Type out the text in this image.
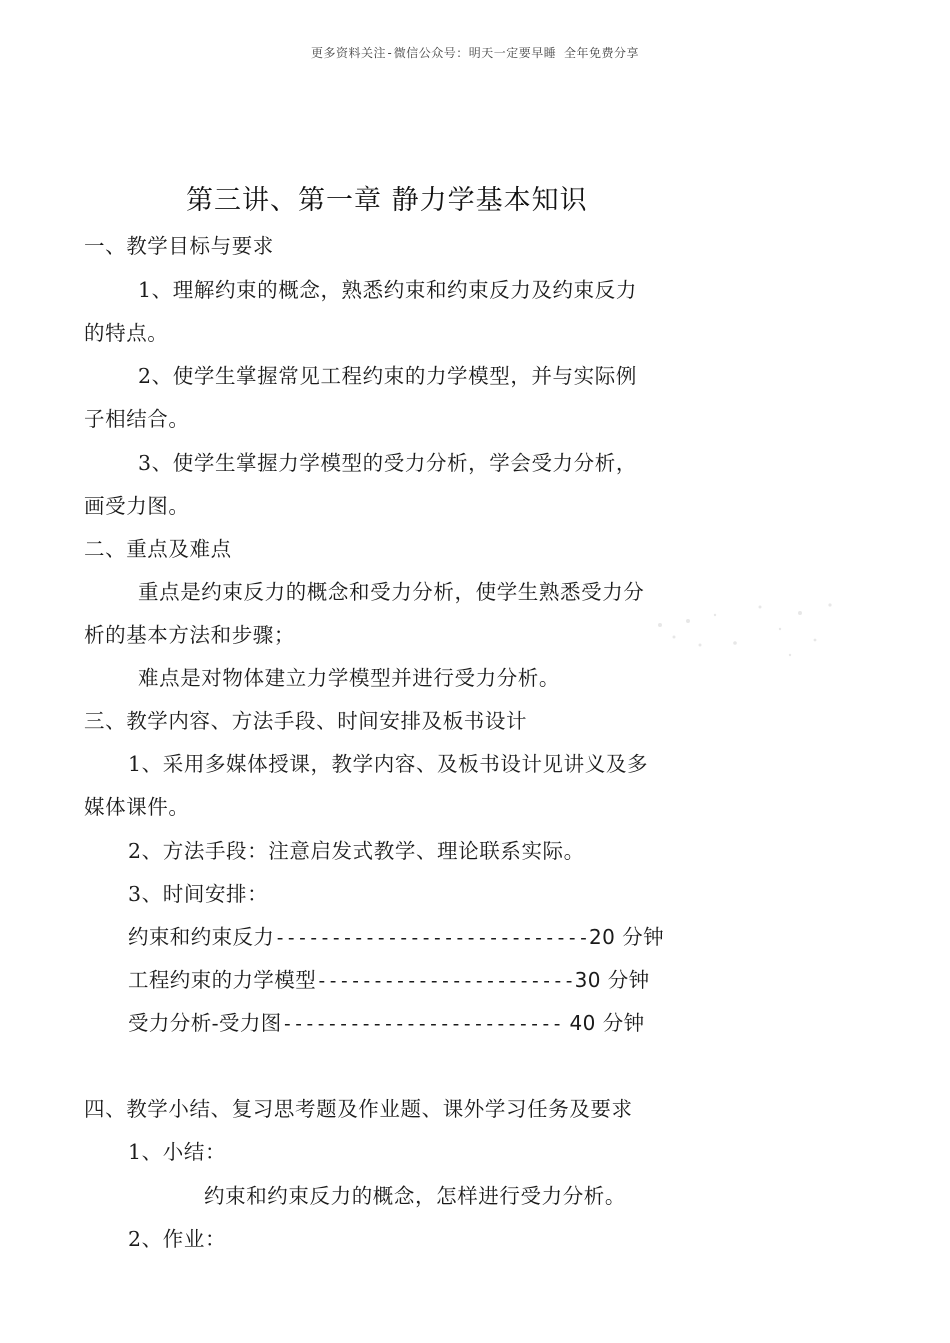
更多资料关注-微信公众号：明天一定要早睡 全年免费分享
第三讲、第一章 静力学基本知识
一、教学目标与要求
1、理解约束的概念，熟悉约束和约束反力及约束反力
的特点。
2、使学生掌握常见工程约束的力学模型，并与实际例
子相结合。
3、使学生掌握力学模型的受力分析，学会受力分析，
画受力图。
二、重点及难点
重点是约束反力的概念和受力分析，使学生熟悉受力分
析的基本方法和步骤；
难点是对物体建立力学模型并进行受力分析。
三、教学内容、方法手段、时间安排及板书设计
1、采用多媒体授课，教学内容、及板书设计见讲义及多
媒体课件。
2、方法手段：注意启发式教学、理论联系实际。
3、时间安排：
约束和约束反力----------------------------20 分钟
工程约束的力学模型-----------------------30 分钟
受力分析-受力图------------------------- 40 分钟
四、教学小结、复习思考题及作业题、课外学习任务及要求
1、小结：
约束和约束反力的概念，怎样进行受力分析。
2、作业：
